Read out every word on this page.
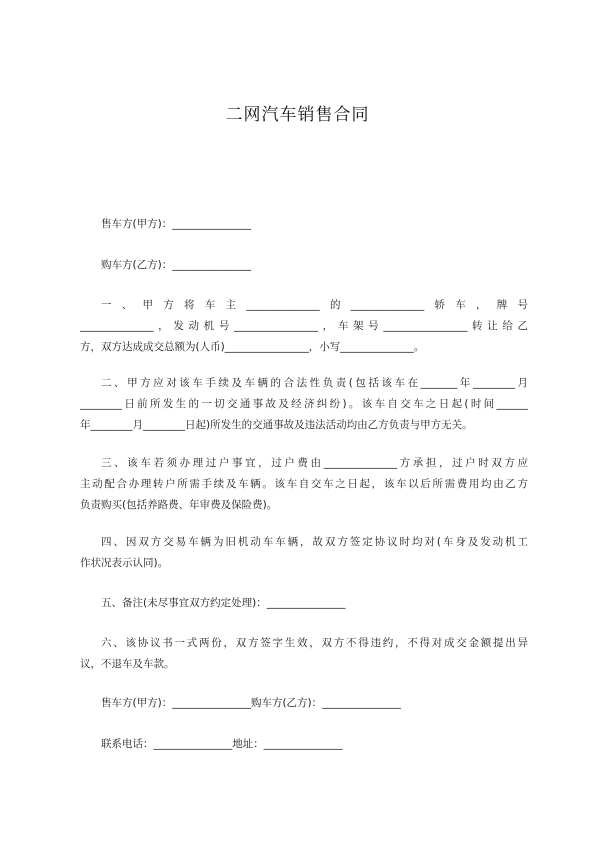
二网汽车销售合同
售车方(甲方)：_______________
购车方(乙方)：_______________
一、甲方将车主______________的______________轿车，牌号
______________，发动机号________________，车架号________________转让给乙
方，双方达成成交总额为(人币)________________，小写______________。
二、甲方应对该车手续及车辆的合法性负责(包括该车在_______年________月
________日前所发生的一切交通事故及经济纠纷)。该车自交车之日起(时间______
年________月________日起)所发生的交通事故及违法活动均由乙方负责与甲方无关。
三、该车若须办理过户事宜，过户费由______________方承担，过户时双方应
主动配合办理转户所需手续及车辆。该车自交车之日起，该车以后所需费用均由乙方
负责购买(包括养路费、年审费及保险费)。
四、因双方交易车辆为旧机动车车辆，故双方签定协议时均对(车身及发动机工
作状况表示认同)。
五、备注(未尽事宜双方约定处理)：_______________
六、该协议书一式两份，双方签字生效，双方不得违约，不得对成交金额提出异
议，不退车及车款。
售车方(甲方)：_______________购车方(乙方)：_______________
联系电话：_______________地址：_______________
